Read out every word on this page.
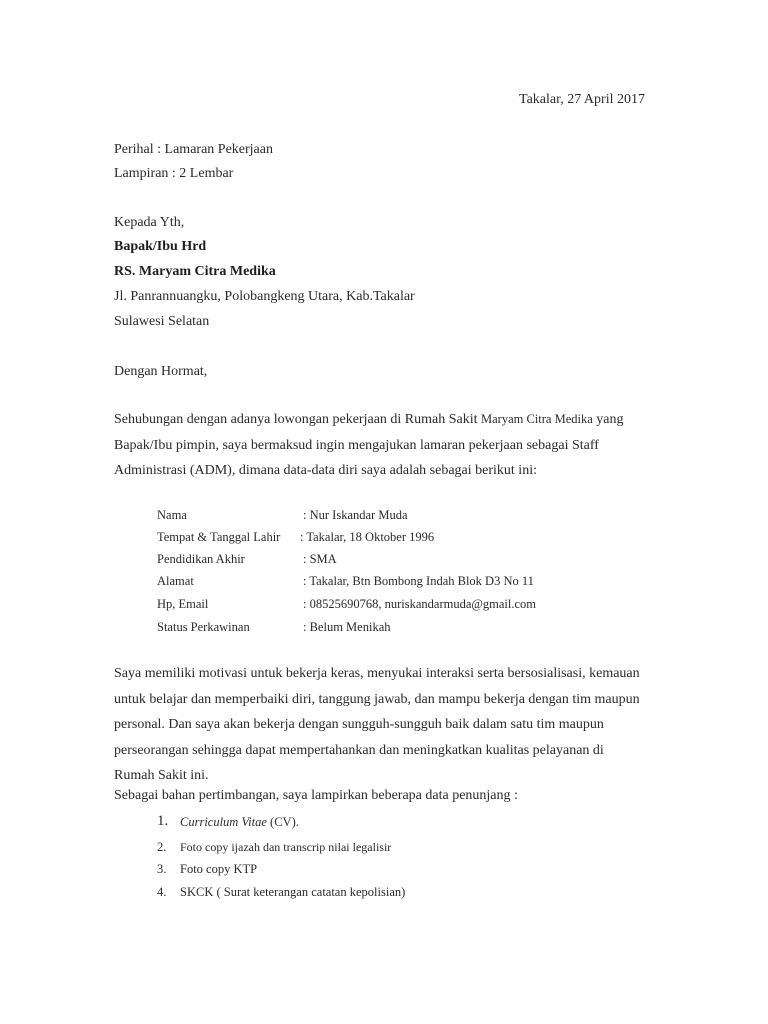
Takalar, 27 April 2017
Perihal : Lamaran Pekerjaan
Lampiran : 2 Lembar
Kepada Yth,
Bapak/Ibu Hrd
RS. Maryam Citra Medika
Jl. Panrannuangku, Polobangkeng Utara, Kab.Takalar
Sulawesi Selatan
Dengan Hormat,
Sehubungan dengan adanya lowongan pekerjaan di Rumah Sakit Maryam Citra Medika yang Bapak/Ibu pimpin, saya bermaksud ingin mengajukan lamaran pekerjaan sebagai Staff Administrasi (ADM), dimana data-data diri saya adalah sebagai berikut ini:
Nama	: Nur Iskandar Muda
Tempat & Tanggal Lahir : Takalar, 18 Oktober 1996
Pendidikan Akhir	: SMA
Alamat	: Takalar, Btn Bombong Indah Blok D3 No 11
Hp, Email	: 08525690768, nuriskandarmuda@gmail.com
Status Perkawinan	: Belum Menikah
Saya memiliki motivasi untuk bekerja keras, menyukai interaksi serta bersosialisasi, kemauan untuk belajar dan memperbaiki diri, tanggung jawab, dan mampu bekerja dengan tim maupun personal. Dan saya akan bekerja dengan sungguh-sungguh baik dalam satu tim maupun perseorangan sehingga dapat mempertahankan dan meningkatkan kualitas pelayanan di Rumah Sakit ini.
Sebagai bahan pertimbangan, saya lampirkan beberapa data penunjang :
1. Curriculum Vitae (CV).
2. Foto copy ijazah dan transcrip nilai legalisir
3. Foto copy KTP
4. SKCK ( Surat keterangan catatan kepolisian)
